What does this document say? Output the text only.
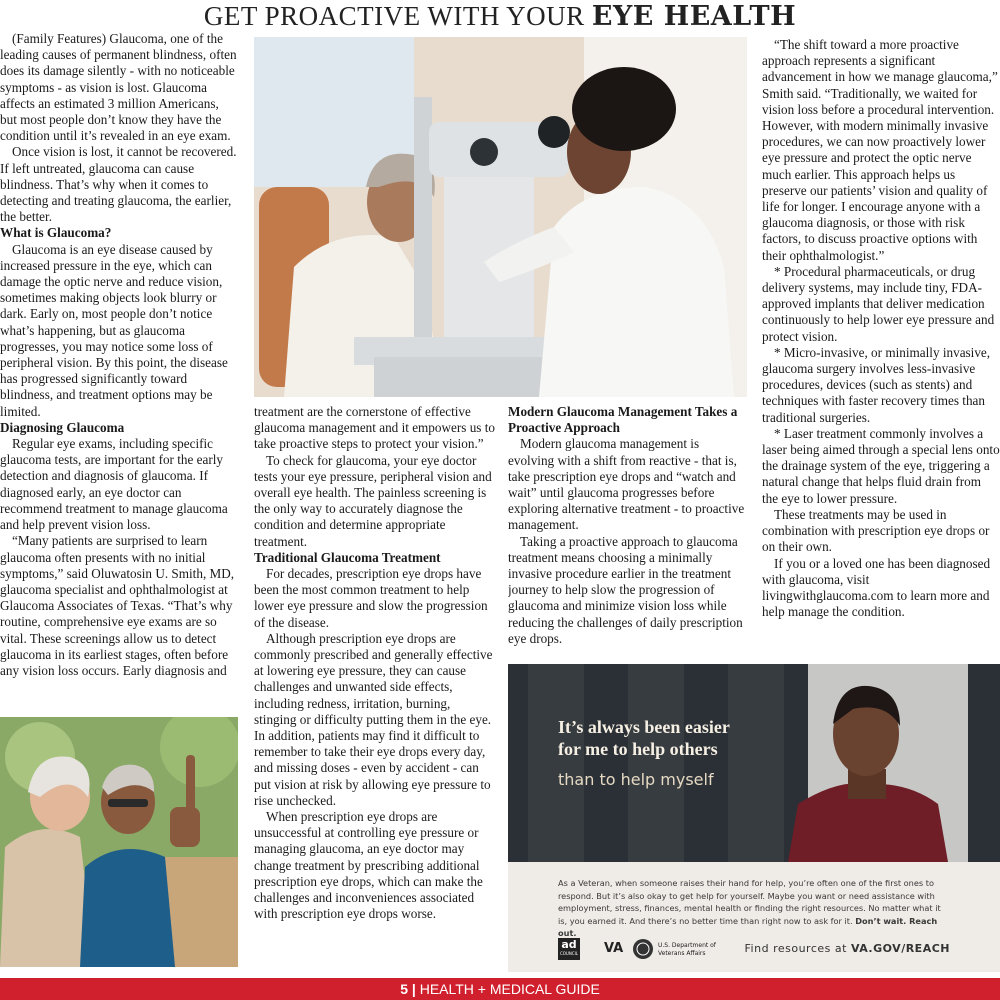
GET PROACTIVE WITH YOUR EYE HEALTH

(Family Features) Glaucoma, one of the leading causes of permanent blindness, often does its damage silently - with no noticeable symptoms - as vision is lost. Glaucoma affects an estimated 3 million Americans, but most people don’t know they have the condition until it’s revealed in an eye exam.

Once vision is lost, it cannot be recovered. If left untreated, glaucoma can cause blindness. That’s why when it comes to detecting and treating glaucoma, the earlier, the better.

What is Glaucoma?

Glaucoma is an eye disease caused by increased pressure in the eye, which can damage the optic nerve and reduce vision, sometimes making objects look blurry or dark. Early on, most people don’t notice what’s happening, but as glaucoma progresses, you may notice some loss of peripheral vision. By this point, the disease has progressed significantly toward blindness, and treatment options may be limited.

Diagnosing Glaucoma

Regular eye exams, including specific glaucoma tests, are important for the early detection and diagnosis of glaucoma. If diagnosed early, an eye doctor can recommend treatment to manage glaucoma and help prevent vision loss.

“Many patients are surprised to learn glaucoma often presents with no initial symptoms,” said Oluwatosin U. Smith, MD, glaucoma specialist and ophthalmologist at Glaucoma Associates of Texas. “That’s why routine, comprehensive eye exams are so vital. These screenings allow us to detect glaucoma in its earliest stages, often before any vision loss occurs. Early diagnosis and

treatment are the cornerstone of effective glaucoma management and it empowers us to take proactive steps to protect your vision.”

To check for glaucoma, your eye doctor tests your eye pressure, peripheral vision and overall eye health. The painless screening is the only way to accurately diagnose the condition and determine appropriate treatment.

Traditional Glaucoma Treatment

For decades, prescription eye drops have been the most common treatment to help lower eye pressure and slow the progression of the disease.

Although prescription eye drops are commonly prescribed and generally effective at lowering eye pressure, they can cause challenges and unwanted side effects, including redness, irritation, burning, stinging or difficulty putting them in the eye. In addition, patients may find it difficult to remember to take their eye drops every day, and missing doses - even by accident - can put vision at risk by allowing eye pressure to rise unchecked.

When prescription eye drops are unsuccessful at controlling eye pressure or managing glaucoma, an eye doctor may change treatment by prescribing additional prescription eye drops, which can make the challenges and inconveniences associated with prescription eye drops worse.

Modern Glaucoma Management Takes a Proactive Approach

Modern glaucoma management is evolving with a shift from reactive - that is, take prescription eye drops and “watch and wait” until glaucoma progresses before exploring alternative treatment - to proactive management.

Taking a proactive approach to glaucoma treatment means choosing a minimally invasive procedure earlier in the treatment journey to help slow the progression of glaucoma and minimize vision loss while reducing the challenges of daily prescription eye drops.

“The shift toward a more proactive approach represents a significant advancement in how we manage glaucoma,” Smith said. “Traditionally, we waited for vision loss before a procedural intervention. However, with modern minimally invasive procedures, we can now proactively lower eye pressure and protect the optic nerve much earlier. This approach helps us preserve our patients’ vision and quality of life for longer. I encourage anyone with a glaucoma diagnosis, or those with risk factors, to discuss proactive options with their ophthalmologist.”

* Procedural pharmaceuticals, or drug delivery systems, may include tiny, FDA-approved implants that deliver medication continuously to help lower eye pressure and protect vision.

* Micro-invasive, or minimally invasive, glaucoma surgery involves less-invasive procedures, devices (such as stents) and techniques with faster recovery times than traditional surgeries.

* Laser treatment commonly involves a laser being aimed through a special lens onto the drainage system of the eye, triggering a natural change that helps fluid drain from the eye to lower pressure.

These treatments may be used in combination with prescription eye drops or on their own.

If you or a loved one has been diagnosed with glaucoma, visit livingwithglaucoma.com to learn more and help manage the condition.

It’s always been easier
for me to help others
than to help myself
As a Veteran, when someone raises their hand for help, you’re often one of the first ones to respond. But it’s also okay to get help for yourself. Maybe you want or need assistance with employment, stress, finances, mental health or finding the right resources. No matter what it is, you earned it. And there’s no better time than right now to ask for it. Don’t wait. Reach out.
ad
COUNCIL VA	U.S. Department of Veterans Affairs	Find resources at VA.GOV/REACH
5 | HEALTH + MEDICAL GUIDE
